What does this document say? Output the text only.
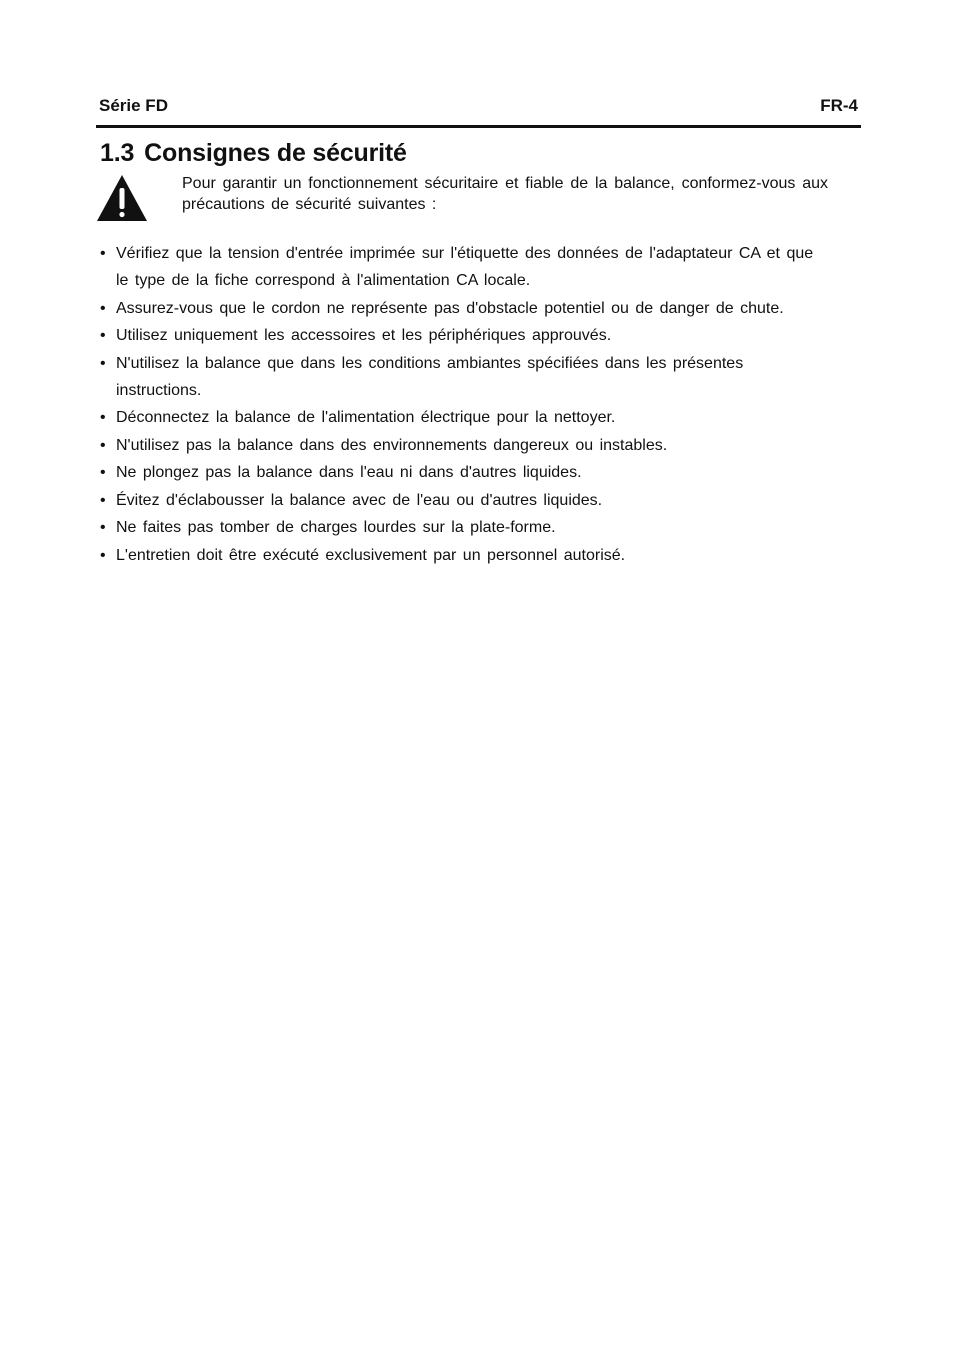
Série FD	FR-4
1.3 Consignes de sécurité

Pour garantir un fonctionnement sécuritaire et fiable de la balance, conformez-vous aux précautions de sécurité suivantes :

• Vérifiez que la tension d'entrée imprimée sur l'étiquette des données de l'adaptateur CA et que le type de la fiche correspond à l'alimentation CA locale.
• Assurez-vous que le cordon ne représente pas d'obstacle potentiel ou de danger de chute.
• Utilisez uniquement les accessoires et les périphériques approuvés.
• N'utilisez la balance que dans les conditions ambiantes spécifiées dans les présentes instructions.
• Déconnectez la balance de l'alimentation électrique pour la nettoyer.
• N'utilisez pas la balance dans des environnements dangereux ou instables.
• Ne plongez pas la balance dans l'eau ni dans d'autres liquides.
• Évitez d'éclabousser la balance avec de l'eau ou d'autres liquides.
• Ne faites pas tomber de charges lourdes sur la plate-forme.
• L'entretien doit être exécuté exclusivement par un personnel autorisé.
